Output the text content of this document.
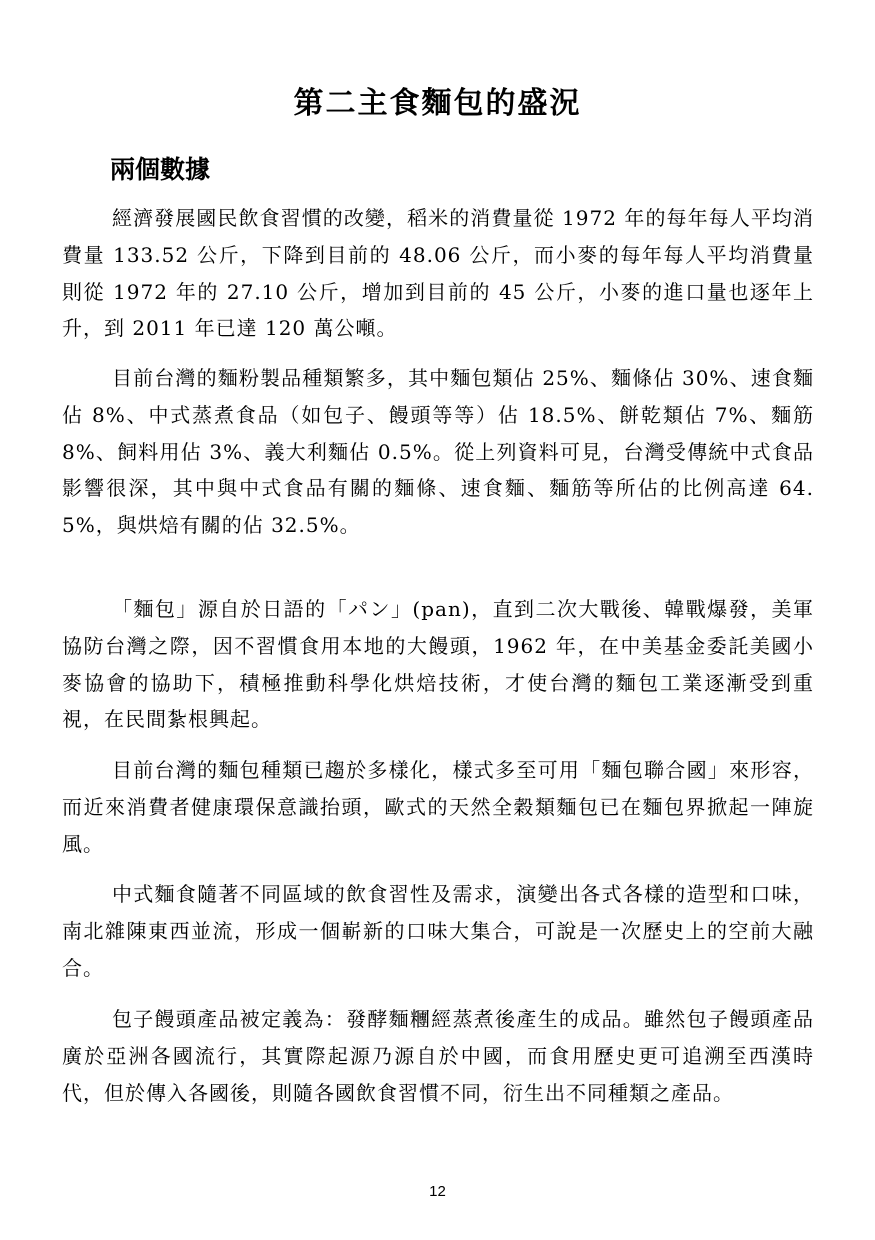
第二主食麵包的盛況
兩個數據

經濟發展國民飲食習慣的改變，稻米的消費量從 1972 年的每年每人平均消費量 133.52 公斤，下降到目前的 48.06 公斤，而小麥的每年每人平均消費量則從 1972 年的 27.10 公斤，增加到目前的 45 公斤，小麥的進口量也逐年上升，到 2011 年已達 120 萬公噸。

目前台灣的麵粉製品種類繁多，其中麵包類佔 25%、麵條佔 30%、速食麵佔 8%、中式蒸煮食品（如包子、饅頭等等）佔 18.5%、餅乾類佔 7%、麵筋 8%、飼料用佔 3%、義大利麵佔 0.5%。從上列資料可見，台灣受傳統中式食品影響很深，其中與中式食品有關的麵條、速食麵、麵筋等所佔的比例高達 64.5%，與烘焙有關的佔 32.5%。

「麵包」源自於日語的「パン」(pan)，直到二次大戰後、韓戰爆發，美軍協防台灣之際，因不習慣食用本地的大饅頭，1962 年，在中美基金委託美國小麥協會的協助下，積極推動科學化烘焙技術，才使台灣的麵包工業逐漸受到重視，在民間紮根興起。

目前台灣的麵包種類已趨於多樣化，樣式多至可用「麵包聯合國」來形容，而近來消費者健康環保意識抬頭，歐式的天然全穀類麵包已在麵包界掀起一陣旋風。

中式麵食隨著不同區域的飲食習性及需求，演變出各式各樣的造型和口味，南北雜陳東西並流，形成一個嶄新的口味大集合，可說是一次歷史上的空前大融合。

包子饅頭產品被定義為：發酵麵糰經蒸煮後產生的成品。雖然包子饅頭產品廣於亞洲各國流行，其實際起源乃源自於中國，而食用歷史更可追溯至西漢時代，但於傳入各國後，則隨各國飲食習慣不同，衍生出不同種類之產品。

12
